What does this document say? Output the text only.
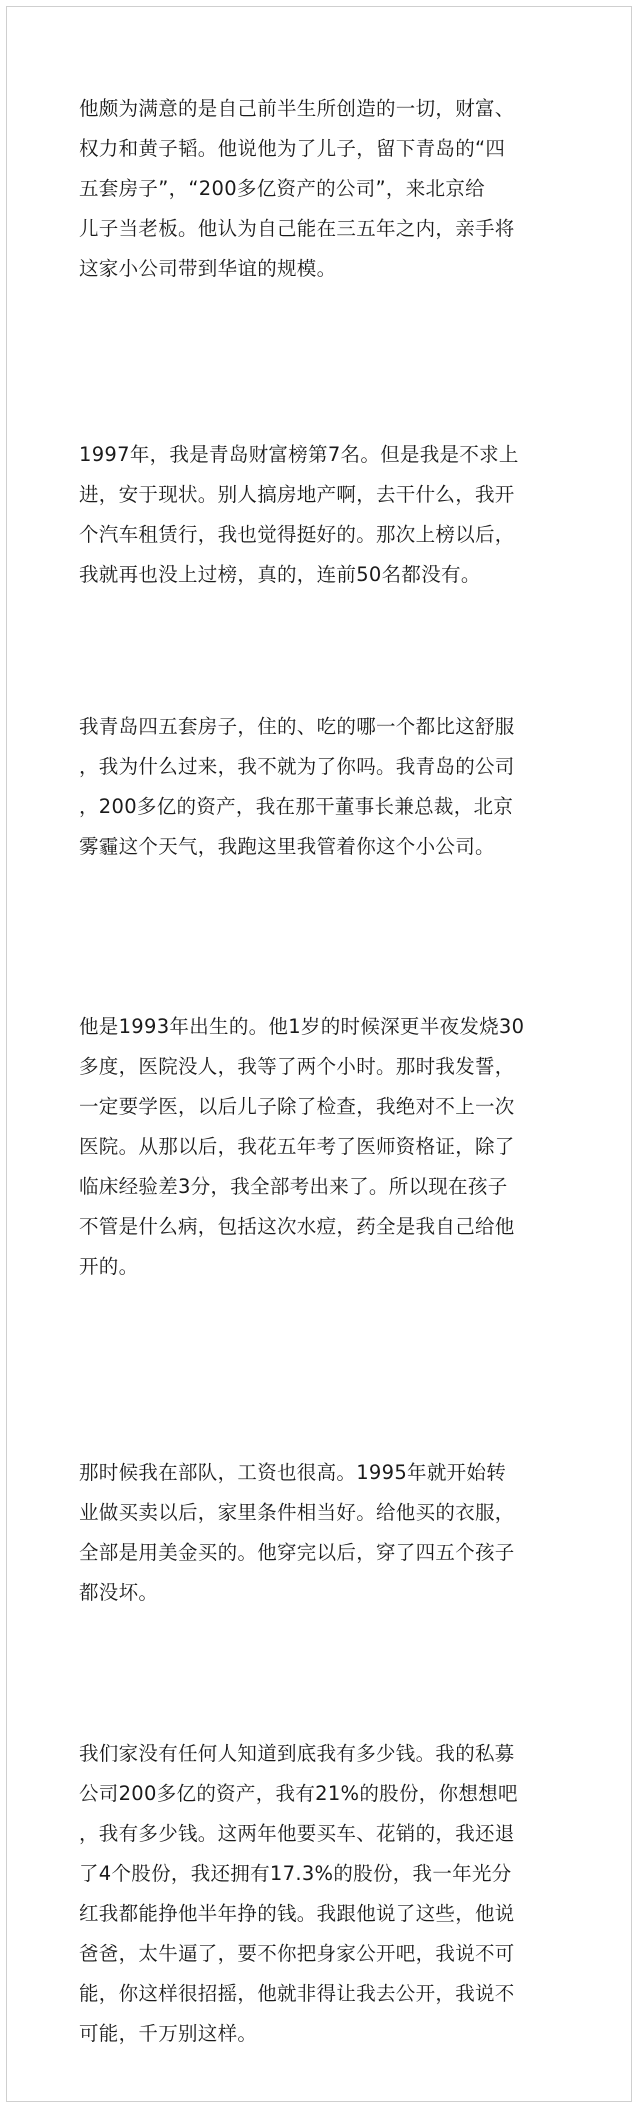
他颇为满意的是自己前半生所创造的一切，财富、
权力和黄子韬。他说他为了儿子，留下青岛的“四
五套房子”，“200多亿资产的公司”，来北京给
儿子当老板。他认为自己能在三五年之内，亲手将
这家小公司带到华谊的规模。
1997年，我是青岛财富榜第7名。但是我是不求上
进，安于现状。别人搞房地产啊，去干什么，我开
个汽车租赁行，我也觉得挺好的。那次上榜以后，
我就再也没上过榜，真的，连前50名都没有。
我青岛四五套房子，住的、吃的哪一个都比这舒服
，我为什么过来，我不就为了你吗。我青岛的公司
，200多亿的资产，我在那干董事长兼总裁，北京
雾霾这个天气，我跑这里我管着你这个小公司。
他是1993年出生的。他1岁的时候深更半夜发烧30
多度，医院没人，我等了两个小时。那时我发誓，
一定要学医，以后儿子除了检查，我绝对不上一次
医院。从那以后，我花五年考了医师资格证，除了
临床经验差3分，我全部考出来了。所以现在孩子
不管是什么病，包括这次水痘，药全是我自己给他
开的。
那时候我在部队，工资也很高。1995年就开始转
业做买卖以后，家里条件相当好。给他买的衣服，
全部是用美金买的。他穿完以后，穿了四五个孩子
都没坏。
我们家没有任何人知道到底我有多少钱。我的私募
公司200多亿的资产，我有21%的股份，你想想吧
，我有多少钱。这两年他要买车、花销的，我还退
了4个股份，我还拥有17.3%的股份，我一年光分
红我都能挣他半年挣的钱。我跟他说了这些，他说
爸爸，太牛逼了，要不你把身家公开吧，我说不可
能，你这样很招摇，他就非得让我去公开，我说不
可能，千万别这样。
